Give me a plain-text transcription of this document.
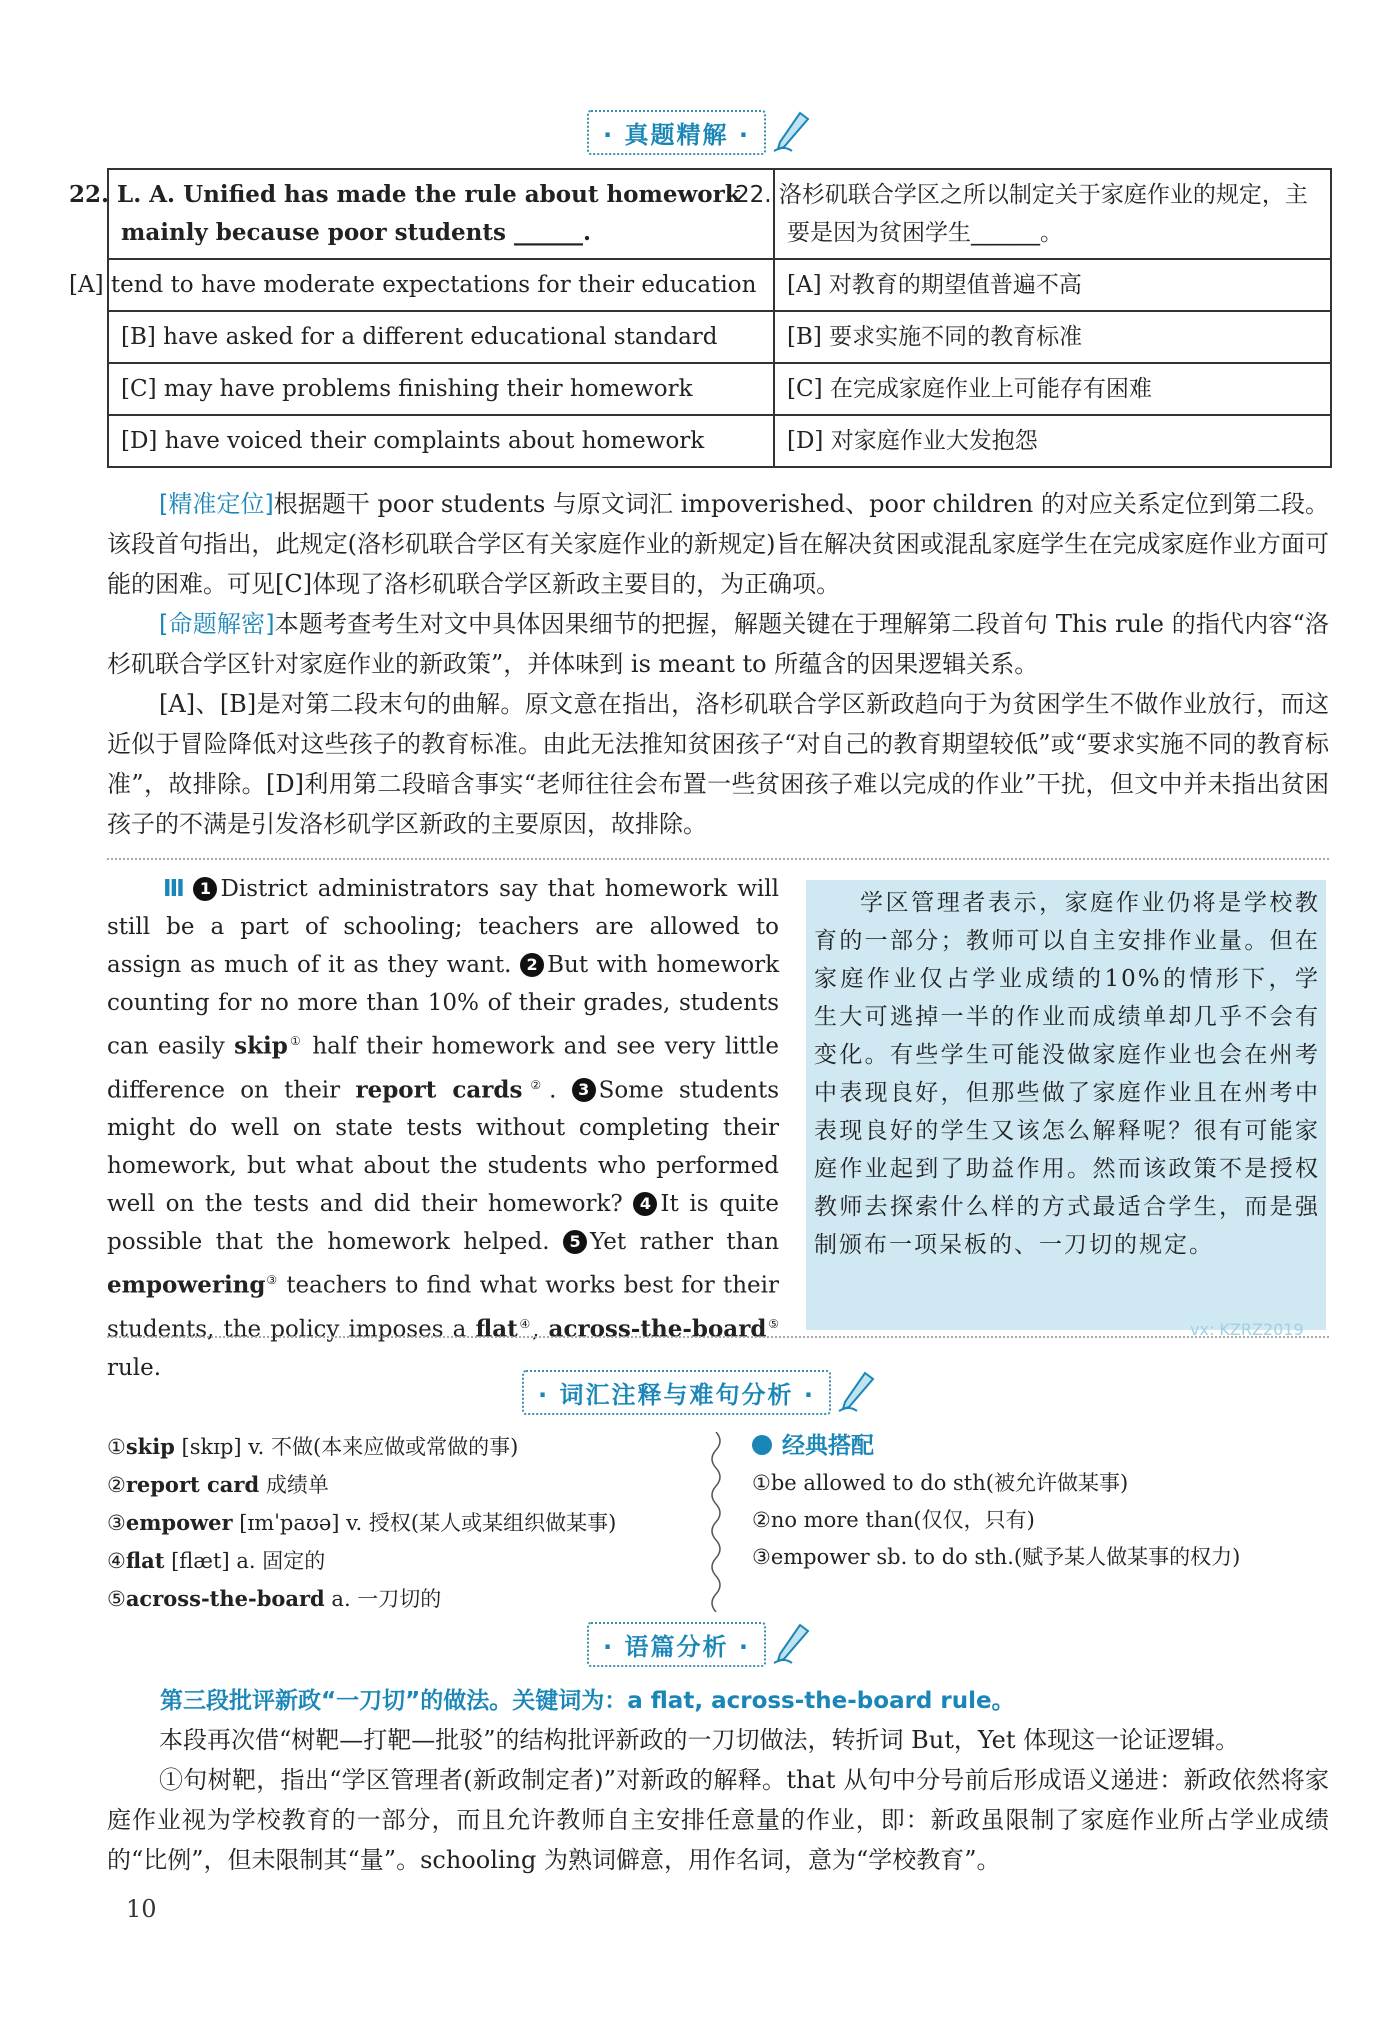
· 真题精解 ·
22. L. A. Unified has made the rule about homework mainly because poor students ______.	22. 洛杉矶联合学区之所以制定关于家庭作业的规定，主要是因为贫困学生______。
[A] tend to have moderate expectations for their education	[A] 对教育的期望值普遍不高
[B] have asked for a different educational standard	[B] 要求实施不同的教育标准
[C] may have problems finishing their homework	[C] 在完成家庭作业上可能存有困难
[D] have voiced their complaints about homework	[D] 对家庭作业大发抱怨
[精准定位]根据题干 poor students 与原文词汇 impoverished、poor children 的对应关系定位到第二段。该段首句指出，此规定(洛杉矶联合学区有关家庭作业的新规定)旨在解决贫困或混乱家庭学生在完成家庭作业方面可能的困难。可见[C]体现了洛杉矶联合学区新政主要目的，为正确项。
[命题解密]本题考查考生对文中具体因果细节的把握，解题关键在于理解第二段首句 This rule 的指代内容“洛杉矶联合学区针对家庭作业的新政策”，并体味到 is meant to 所蕴含的因果逻辑关系。
[A]、[B]是对第二段末句的曲解。原文意在指出，洛杉矶联合学区新政趋向于为贫困学生不做作业放行，而这近似于冒险降低对这些孩子的教育标准。由此无法推知贫困孩子“对自己的教育期望较低”或“要求实施不同的教育标准”，故排除。[D]利用第二段暗含事实“老师往往会布置一些贫困孩子难以完成的作业”干扰，但文中并未指出贫困孩子的不满是引发洛杉矶学区新政的主要原因，故排除。
Ⅲ 1 District administrators say that homework will still be a part of schooling; teachers are allowed to assign as much of it as they want. 2 But with homework counting for no more than 10% of their grades, students can easily skip① half their homework and see very little difference on their report cards②. 3 Some students might do well on state tests without completing their homework, but what about the students who performed well on the tests and did their homework? 4 It is quite possible that the homework helped. 5 Yet rather than empowering③ teachers to find what works best for their students, the policy imposes a flat④, across-the-board⑤ rule.
学区管理者表示，家庭作业仍将是学校教育的一部分；教师可以自主安排作业量。但在家庭作业仅占学业成绩的10%的情形下，学生大可逃掉一半的作业而成绩单却几乎不会有变化。有些学生可能没做家庭作业也会在州考中表现良好，但那些做了家庭作业且在州考中表现良好的学生又该怎么解释呢？很有可能家庭作业起到了助益作用。然而该政策不是授权教师去探索什么样的方式最适合学生，而是强制颁布一项呆板的、一刀切的规定。
vx: KZRZ2019
· 词汇注释与难句分析 ·
①skip [skɪp] v. 不做(本来应做或常做的事)
②report card 成绩单
③empower [ɪmˈpaʊə] v. 授权(某人或某组织做某事)
④flat [flæt] a. 固定的
⑤across-the-board a. 一刀切的
经典搭配
①be allowed to do sth(被允许做某事)
②no more than(仅仅，只有)
③empower sb. to do sth.(赋予某人做某事的权力)
· 语篇分析 ·
第三段批评新政“一刀切”的做法。关键词为：a flat, across-the-board rule。
本段再次借“树靶—打靶—批驳”的结构批评新政的一刀切做法，转折词 But，Yet 体现这一论证逻辑。
①句树靶，指出“学区管理者(新政制定者)”对新政的解释。that 从句中分号前后形成语义递进：新政依然将家庭作业视为学校教育的一部分，而且允许教师自主安排任意量的作业，即：新政虽限制了家庭作业所占学业成绩的“比例”，但未限制其“量”。schooling 为熟词僻意，用作名词，意为“学校教育”。
10
